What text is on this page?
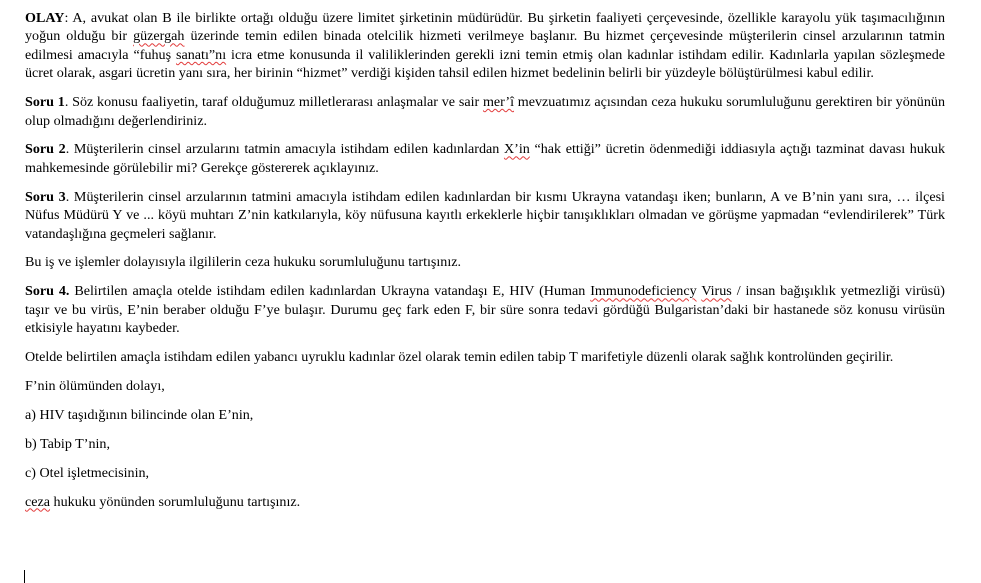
OLAY: A, avukat olan B ile birlikte ortağı olduğu üzere limitet şirketinin müdürüdür. Bu şirketin faaliyeti çerçevesinde, özellikle karayolu yük taşımacılığının yoğun olduğu bir güzergah üzerinde temin edilen binada otelcilik hizmeti verilmeye başlanır. Bu hizmet çerçevesinde müşterilerin cinsel arzularının tatmin edilmesi amacıyla “fuhuş sanatı”nı icra etme konusunda il valiliklerinden gerekli izni temin etmiş olan kadınlar istihdam edilir. Kadınlarla yapılan sözleşmede ücret olarak, asgari ücretin yanı sıra, her birinin “hizmet” verdiği kişiden tahsil edilen hizmet bedelinin belirli bir yüzdeyle bölüştürülmesi kabul edilir.

Soru 1. Söz konusu faaliyetin, taraf olduğumuz milletlerarası anlaşmalar ve sair mer’î mevzuatımız açısından ceza hukuku sorumluluğunu gerektiren bir yönünün olup olmadığını değerlendiriniz.

Soru 2. Müşterilerin cinsel arzularını tatmin amacıyla istihdam edilen kadınlardan X’in “hak ettiği” ücretin ödenmediği iddiasıyla açtığı tazminat davası hukuk mahkemesinde görülebilir mi? Gerekçe göstererek açıklayınız.

Soru 3. Müşterilerin cinsel arzularının tatmini amacıyla istihdam edilen kadınlardan bir kısmı Ukrayna vatandaşı iken; bunların, A ve B’nin yanı sıra, … ilçesi Nüfus Müdürü Y ve ... köyü muhtarı Z’nin katkılarıyla, köy nüfusuna kayıtlı erkeklerle hiçbir tanışıklıkları olmadan ve görüşme yapmadan “evlendirilerek” Türk vatandaşlığına geçmeleri sağlanır.

Bu iş ve işlemler dolayısıyla ilgililerin ceza hukuku sorumluluğunu tartışınız.

Soru 4. Belirtilen amaçla otelde istihdam edilen kadınlardan Ukrayna vatandaşı E, HIV (Human Immunodeficiency Virus / insan bağışıklık yetmezliği virüsü) taşır ve bu virüs, E’nin beraber olduğu F’ye bulaşır. Durumu geç fark eden F, bir süre sonra tedavi gördüğü Bulgaristan’daki bir hastanede söz konusu virüsün etkisiyle hayatını kaybeder.

Otelde belirtilen amaçla istihdam edilen yabancı uyruklu kadınlar özel olarak temin edilen tabip T marifetiyle düzenli olarak sağlık kontrolünden geçirilir.

F’nin ölümünden dolayı,

a) HIV taşıdığının bilincinde olan E’nin,

b) Tabip T’nin,

c) Otel işletmecisinin,

ceza hukuku yönünden sorumluluğunu tartışınız.
